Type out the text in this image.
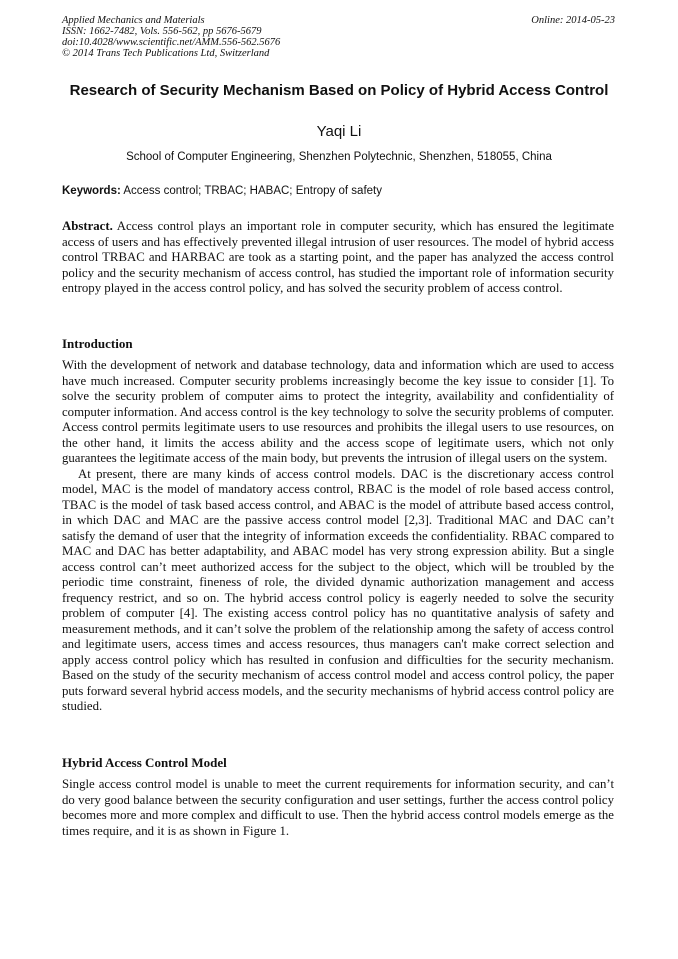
Applied Mechanics and Materials
ISSN: 1662-7482, Vols. 556-562, pp 5676-5679
doi:10.4028/www.scientific.net/AMM.556-562.5676
© 2014 Trans Tech Publications Ltd, Switzerland
Online: 2014-05-23
Research of Security Mechanism Based on Policy of Hybrid Access Control
Yaqi Li
School of Computer Engineering, Shenzhen Polytechnic, Shenzhen, 518055, China
Keywords: Access control; TRBAC; HABAC; Entropy of safety
Abstract. Access control plays an important role in computer security, which has ensured the legitimate access of users and has effectively prevented illegal intrusion of user resources. The model of hybrid access control TRBAC and HARBAC are took as a starting point, and the paper has analyzed the access control policy and the security mechanism of access control, has studied the important role of information security entropy played in the access control policy, and has solved the security problem of access control.
Introduction

With the development of network and database technology, data and information which are used to access have much increased. Computer security problems increasingly become the key issue to consider [1]. To solve the security problem of computer aims to protect the integrity, availability and confidentiality of computer information. And access control is the key technology to solve the security problems of computer. Access control permits legitimate users to use resources and prohibits the illegal users to use resources, on the other hand, it limits the access ability and the access scope of legitimate users, which not only guarantees the legitimate access of the main body, but prevents the intrusion of illegal users on the system.

At present, there are many kinds of access control models. DAC is the discretionary access control model, MAC is the model of mandatory access control, RBAC is the model of role based access control, TBAC is the model of task based access control, and ABAC is the model of attribute based access control, in which DAC and MAC are the passive access control model [2,3]. Traditional MAC and DAC can’t satisfy the demand of user that the integrity of information exceeds the confidentiality. RBAC compared to MAC and DAC has better adaptability, and ABAC model has very strong expression ability. But a single access control can’t meet authorized access for the subject to the object, which will be troubled by the periodic time constraint, fineness of role, the divided dynamic authorization management and access frequency restrict, and so on. The hybrid access control policy is eagerly needed to solve the security problem of computer [4]. The existing access control policy has no quantitative analysis of safety and measurement methods, and it can’t solve the problem of the relationship among the safety of access control and legitimate users, access times and access resources, thus managers can't make correct selection and apply access control policy which has resulted in confusion and difficulties for the security mechanism. Based on the study of the security mechanism of access control model and access control policy, the paper puts forward several hybrid access models, and the security mechanisms of hybrid access control policy are studied.

Hybrid Access Control Model

Single access control model is unable to meet the current requirements for information security, and can’t do very good balance between the security configuration and user settings, further the access control policy becomes more and more complex and difficult to use. Then the hybrid access control models emerge as the times require, and it is as shown in Figure 1.
